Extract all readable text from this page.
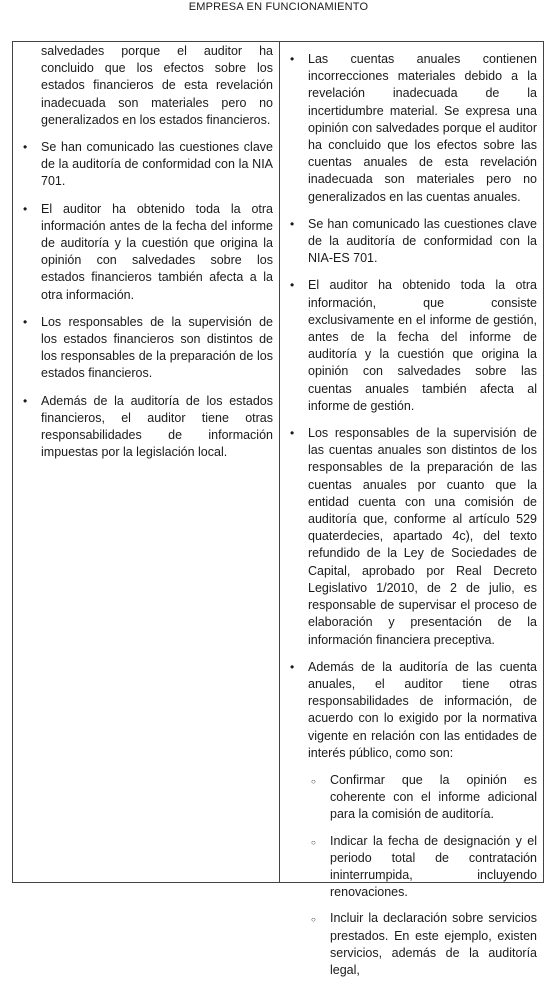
EMPRESA EN FUNCIONAMIENTO

salvedades porque el auditor ha concluido que los efectos sobre los estados financieros de esta revelación inadecuada son materiales pero no generalizados en los estados financieros.

• Se han comunicado las cuestiones clave de la auditoría de conformidad con la NIA 701.

• El auditor ha obtenido toda la otra información antes de la fecha del informe de auditoría y la cuestión que origina la opinión con salvedades sobre los estados financieros también afecta a la otra información.

• Los responsables de la supervisión de los estados financieros son distintos de los responsables de la preparación de los estados financieros.

• Además de la auditoría de los estados financieros, el auditor tiene otras responsabilidades de información impuestas por la legislación local.

• Las cuentas anuales contienen incorrecciones materiales debido a la revelación inadecuada de la incertidumbre material. Se expresa una opinión con salvedades porque el auditor ha concluido que los efectos sobre las cuentas anuales de esta revelación inadecuada son materiales pero no generalizados en las cuentas anuales.

• Se han comunicado las cuestiones clave de la auditoría de conformidad con la NIA-ES 701.

• El auditor ha obtenido toda la otra información, que consiste exclusivamente en el informe de gestión, antes de la fecha del informe de auditoría y la cuestión que origina la opinión con salvedades sobre las cuentas anuales también afecta al informe de gestión.

• Los responsables de la supervisión de las cuentas anuales son distintos de los responsables de la preparación de las cuentas anuales por cuanto que la entidad cuenta con una comisión de auditoría que, conforme al artículo 529 quaterdecies, apartado 4c), del texto refundido de la Ley de Sociedades de Capital, aprobado por Real Decreto Legislativo 1/2010, de 2 de julio, es responsable de supervisar el proceso de elaboración y presentación de la información financiera preceptiva.

• Además de la auditoría de las cuenta anuales, el auditor tiene otras responsabilidades de información, de acuerdo con lo exigido por la normativa vigente en relación con las entidades de interés público, como son:

○ Confirmar que la opinión es coherente con el informe adicional para la comisión de auditoría.

○ Indicar la fecha de designación y el periodo total de contratación ininterrumpida, incluyendo renovaciones.

○ Incluir la declaración sobre servicios prestados. En este ejemplo, existen servicios, además de la auditoría legal,
